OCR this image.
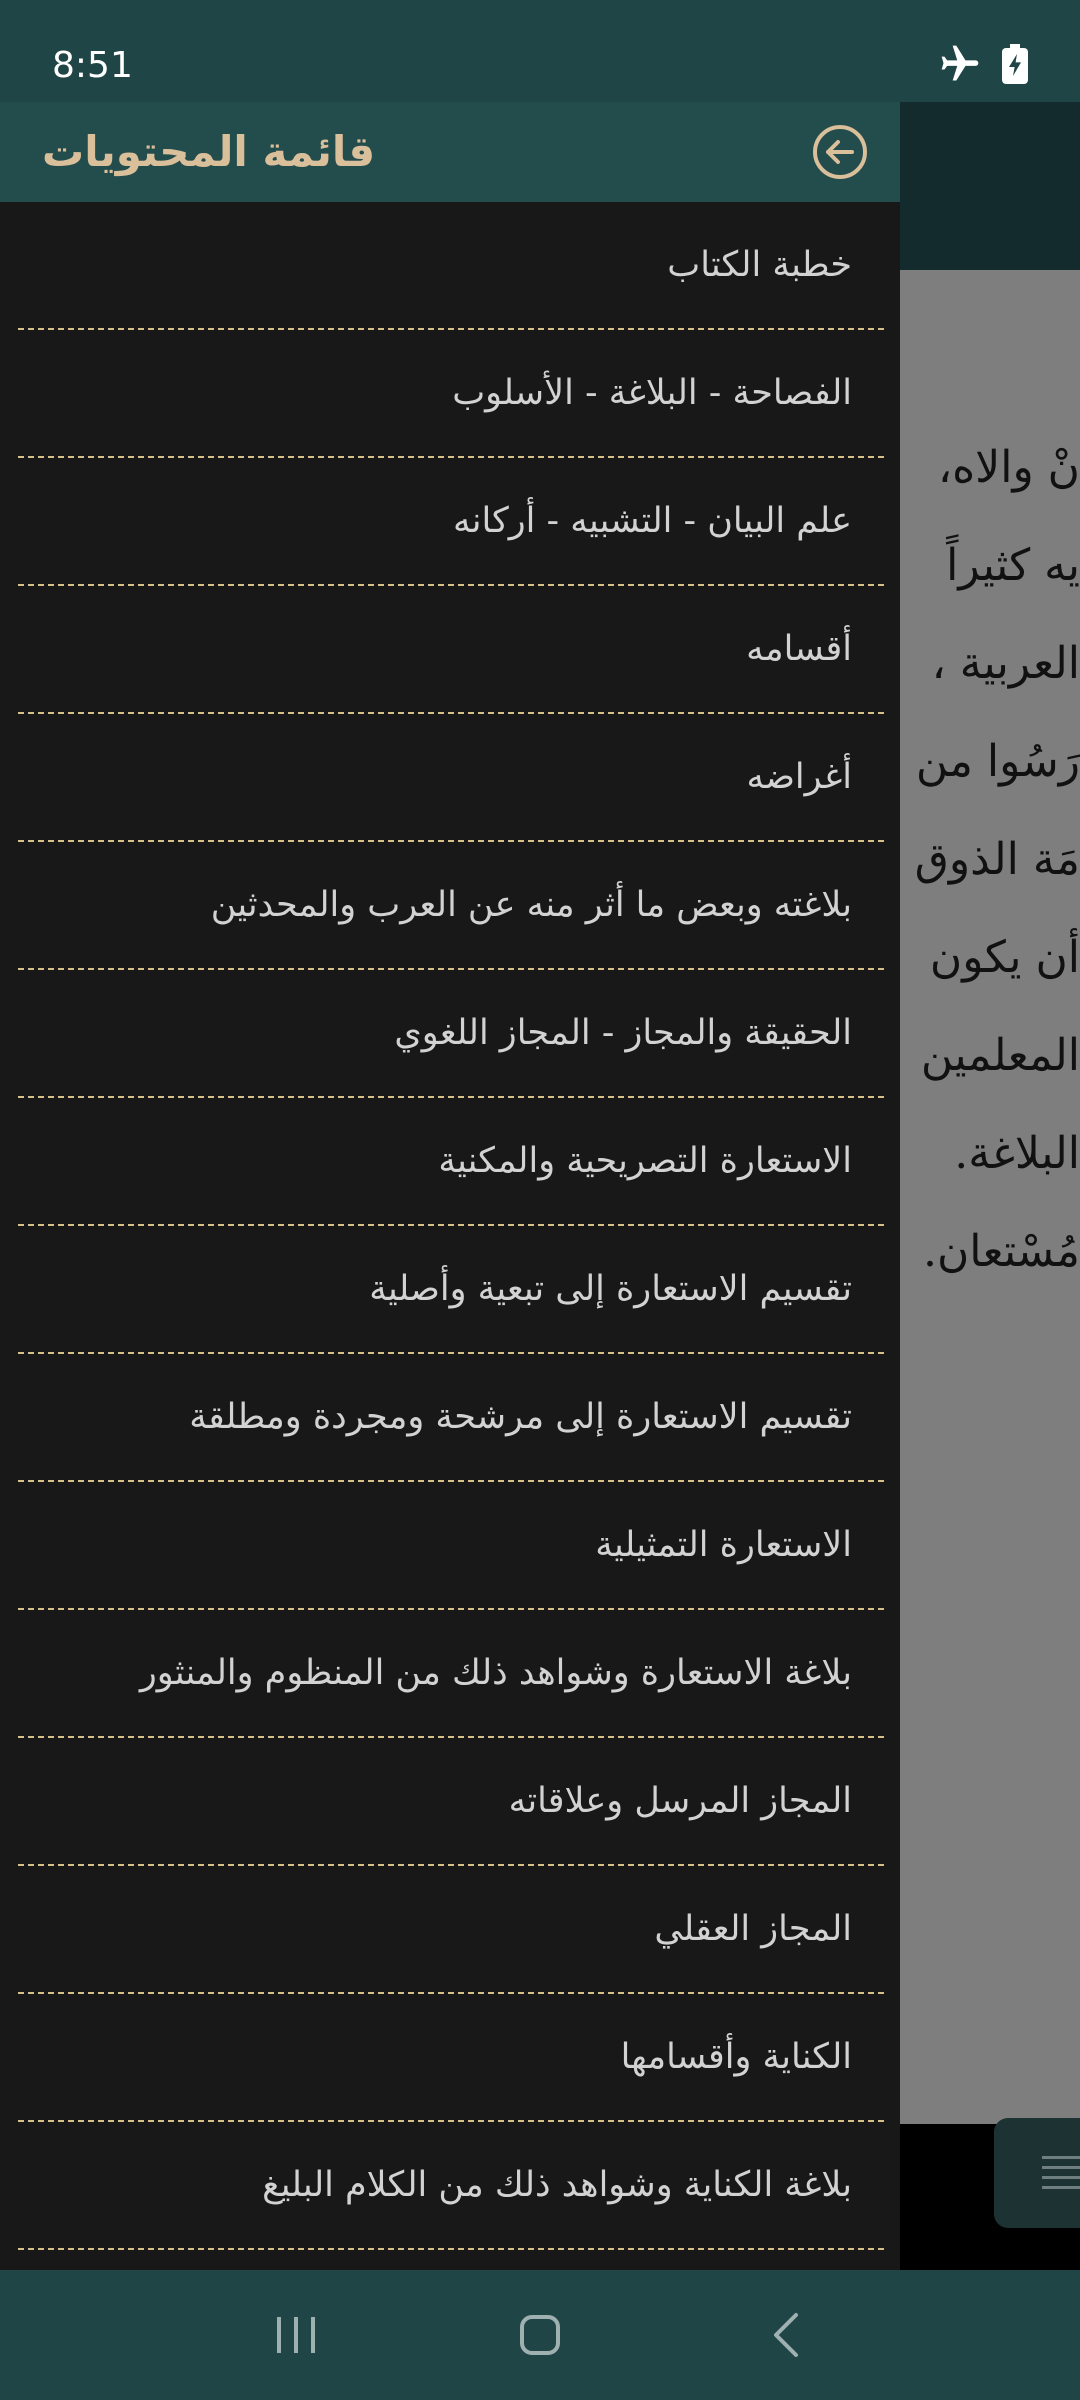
8:51
نْ والاه،
يه كثيراً
العربية ،
رَسُوا من
مَة الذوق
أن يكون
المعلمين
البلاغة.
مُسْتعان.
قائمة المحتويات
خطبة الكتاب
الفصاحة - البلاغة - الأسلوب
علم البيان - التشبيه - أركانه
أقسامه
أغراضه
بلاغته وبعض ما أثر منه عن العرب والمحدثين
الحقيقة والمجاز - المجاز اللغوي
الاستعارة التصريحية والمكنية
تقسيم الاستعارة إلى تبعية وأصلية
تقسيم الاستعارة إلى مرشحة ومجردة ومطلقة
الاستعارة التمثيلية
بلاغة الاستعارة وشواهد ذلك من المنظوم والمنثور
المجاز المرسل وعلاقاته
المجاز العقلي
الكناية وأقسامها
بلاغة الكناية وشواهد ذلك من الكلام البليغ
